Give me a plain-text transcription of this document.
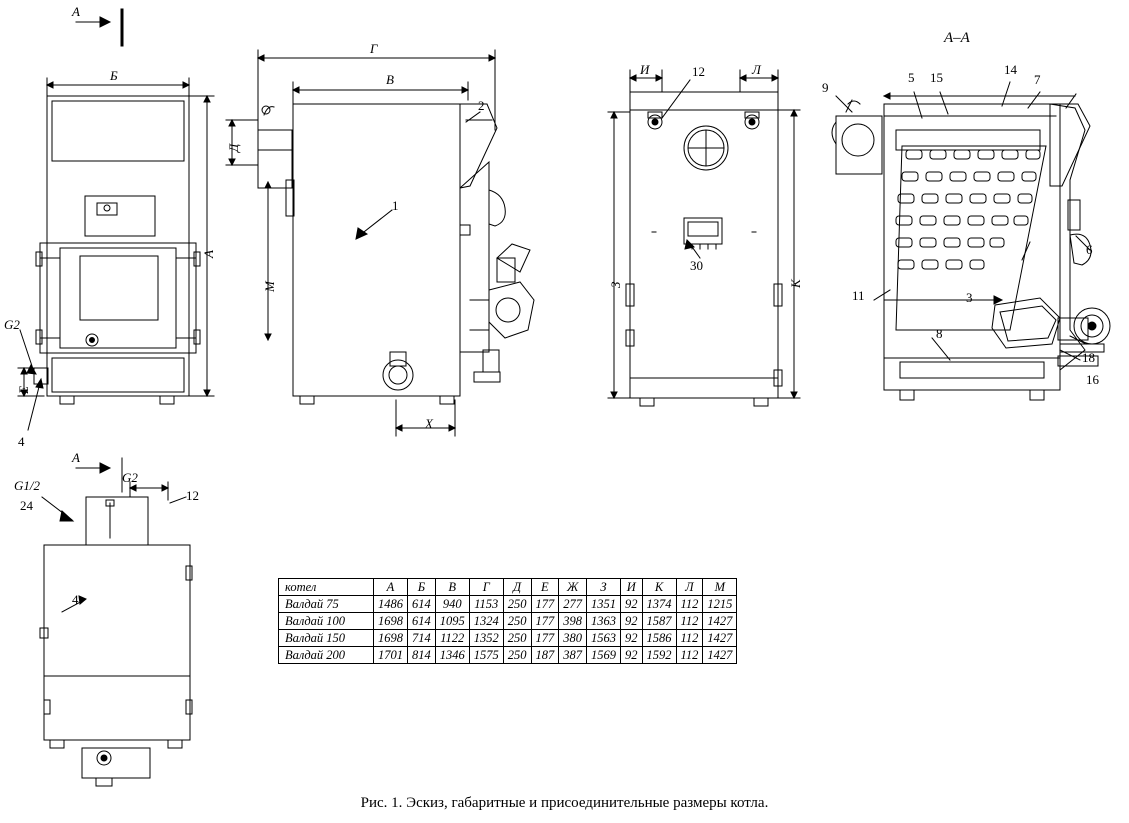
А
А
А–А
Б
А
G2
Е
4
Г
В
Д
М
Х
1
2
И	Л
З	К
12
30
9
5 15
14
7
6
3
11
8
18
16
G1/2
G2
24
12
4
котел	А	Б	В	Г	Д	Е	Ж	З	И	К	Л	М
Валдай 75	1486	614	940	1153	250	177	277	1351	92	1374	112	1215
Валдай 100	1698	614	1095	1324	250	177	398	1363	92	1587	112	1427
Валдай 150	1698	714	1122	1352	250	177	380	1563	92	1586	112	1427
Валдай 200	1701	814	1346	1575	250	187	387	1569	92	1592	112	1427
Рис. 1. Эскиз, габаритные и присоединительные размеры котла.
